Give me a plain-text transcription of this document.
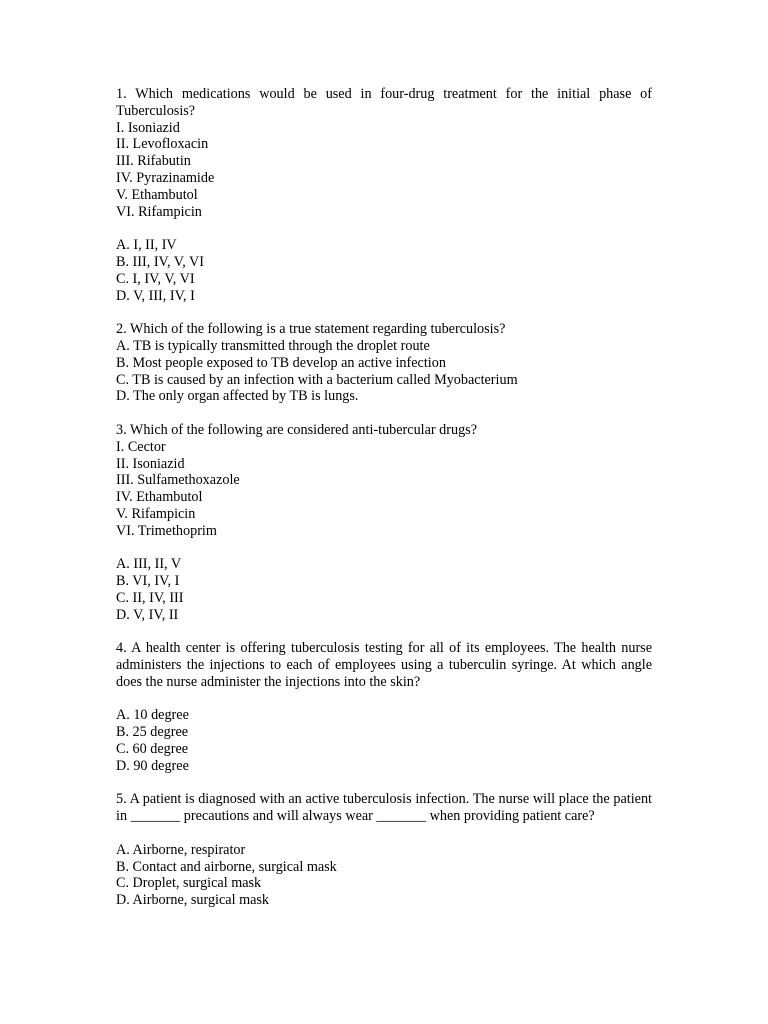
1. Which medications would be used in four-drug treatment for the initial phase of Tuberculosis?

I. Isoniazid

II. Levofloxacin

III. Rifabutin

IV. Pyrazinamide

V. Ethambutol

VI. Rifampicin

A. I, II, IV

B. III, IV, V, VI

C. I, IV, V, VI

D. V, III, IV, I

2. Which of the following is a true statement regarding tuberculosis?

A. TB is typically transmitted through the droplet route

B. Most people exposed to TB develop an active infection

C. TB is caused by an infection with a bacterium called Myobacterium

D. The only organ affected by TB is lungs.

3. Which of the following are considered anti-tubercular drugs?

I. Cector

II. Isoniazid

III. Sulfamethoxazole

IV. Ethambutol

V. Rifampicin

VI. Trimethoprim

A. III, II, V

B. VI, IV, I

C. II, IV, III

D. V, IV, II

4. A health center is offering tuberculosis testing for all of its employees. The health nurse administers the injections to each of employees using a tuberculin syringe. At which angle does the nurse administer the injections into the skin?

A. 10 degree

B. 25 degree

C. 60 degree

D. 90 degree

5. A patient is diagnosed with an active tuberculosis infection. The nurse will place the patient in _______ precautions and will always wear _______ when providing patient care?

A. Airborne, respirator

B. Contact and airborne, surgical mask

C. Droplet, surgical mask

D. Airborne, surgical mask
